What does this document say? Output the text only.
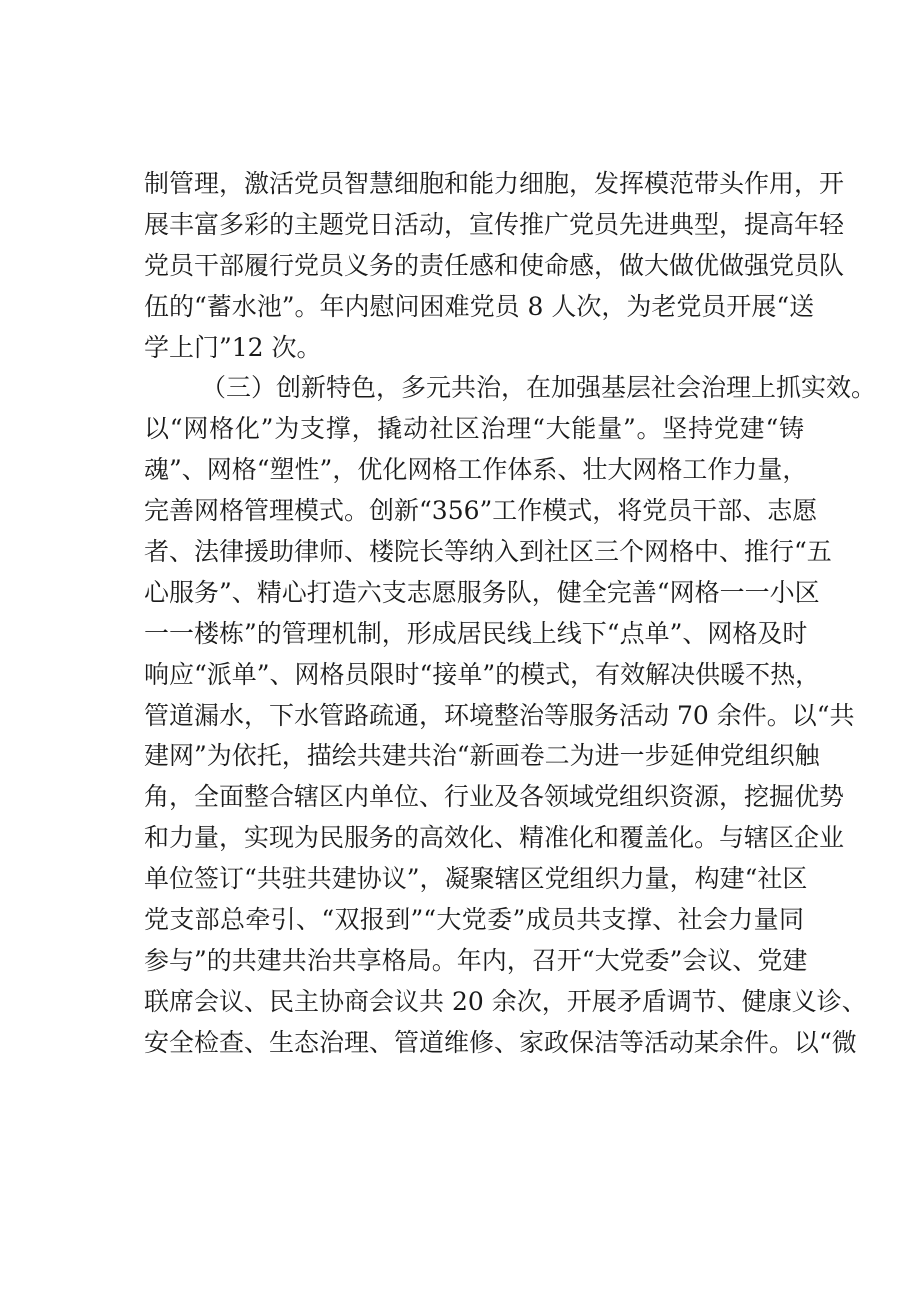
制管理，激活党员智慧细胞和能力细胞，发挥模范带头作用，开
展丰富多彩的主题党日活动，宣传推广党员先进典型，提高年轻
党员干部履行党员义务的责任感和使命感，做大做优做强党员队
伍的“蓄水池”。年内慰问困难党员 8 人次，为老党员开展“送
学上门”12 次。
（三）创新特色，多元共治，在加强基层社会治理上抓实效。
以“网格化”为支撑，撬动社区治理“大能量”。坚持党建“铸
魂”、网格“塑性”，优化网格工作体系、壮大网格工作力量，
完善网格管理模式。创新“356”工作模式，将党员干部、志愿
者、法律援助律师、楼院长等纳入到社区三个网格中、推行“五
心服务”、精心打造六支志愿服务队，健全完善“网格一一小区
一一楼栋”的管理机制，形成居民线上线下“点单”、网格及时
响应“派单”、网格员限时“接单”的模式，有效解决供暖不热，
管道漏水，下水管路疏通，环境整治等服务活动 70 余件。以“共
建网”为依托，描绘共建共治“新画卷二为进一步延伸党组织触
角，全面整合辖区内单位、行业及各领域党组织资源，挖掘优势
和力量，实现为民服务的高效化、精准化和覆盖化。与辖区企业
单位签订“共驻共建协议”，凝聚辖区党组织力量，构建“社区
党支部总牵引、“双报到”“大党委”成员共支撑、社会力量同
参与”的共建共治共享格局。年内，召开“大党委”会议、党建
联席会议、民主协商会议共 20 余次，开展矛盾调节、健康义诊、
安全检查、生态治理、管道维修、家政保洁等活动某余件。以“微
